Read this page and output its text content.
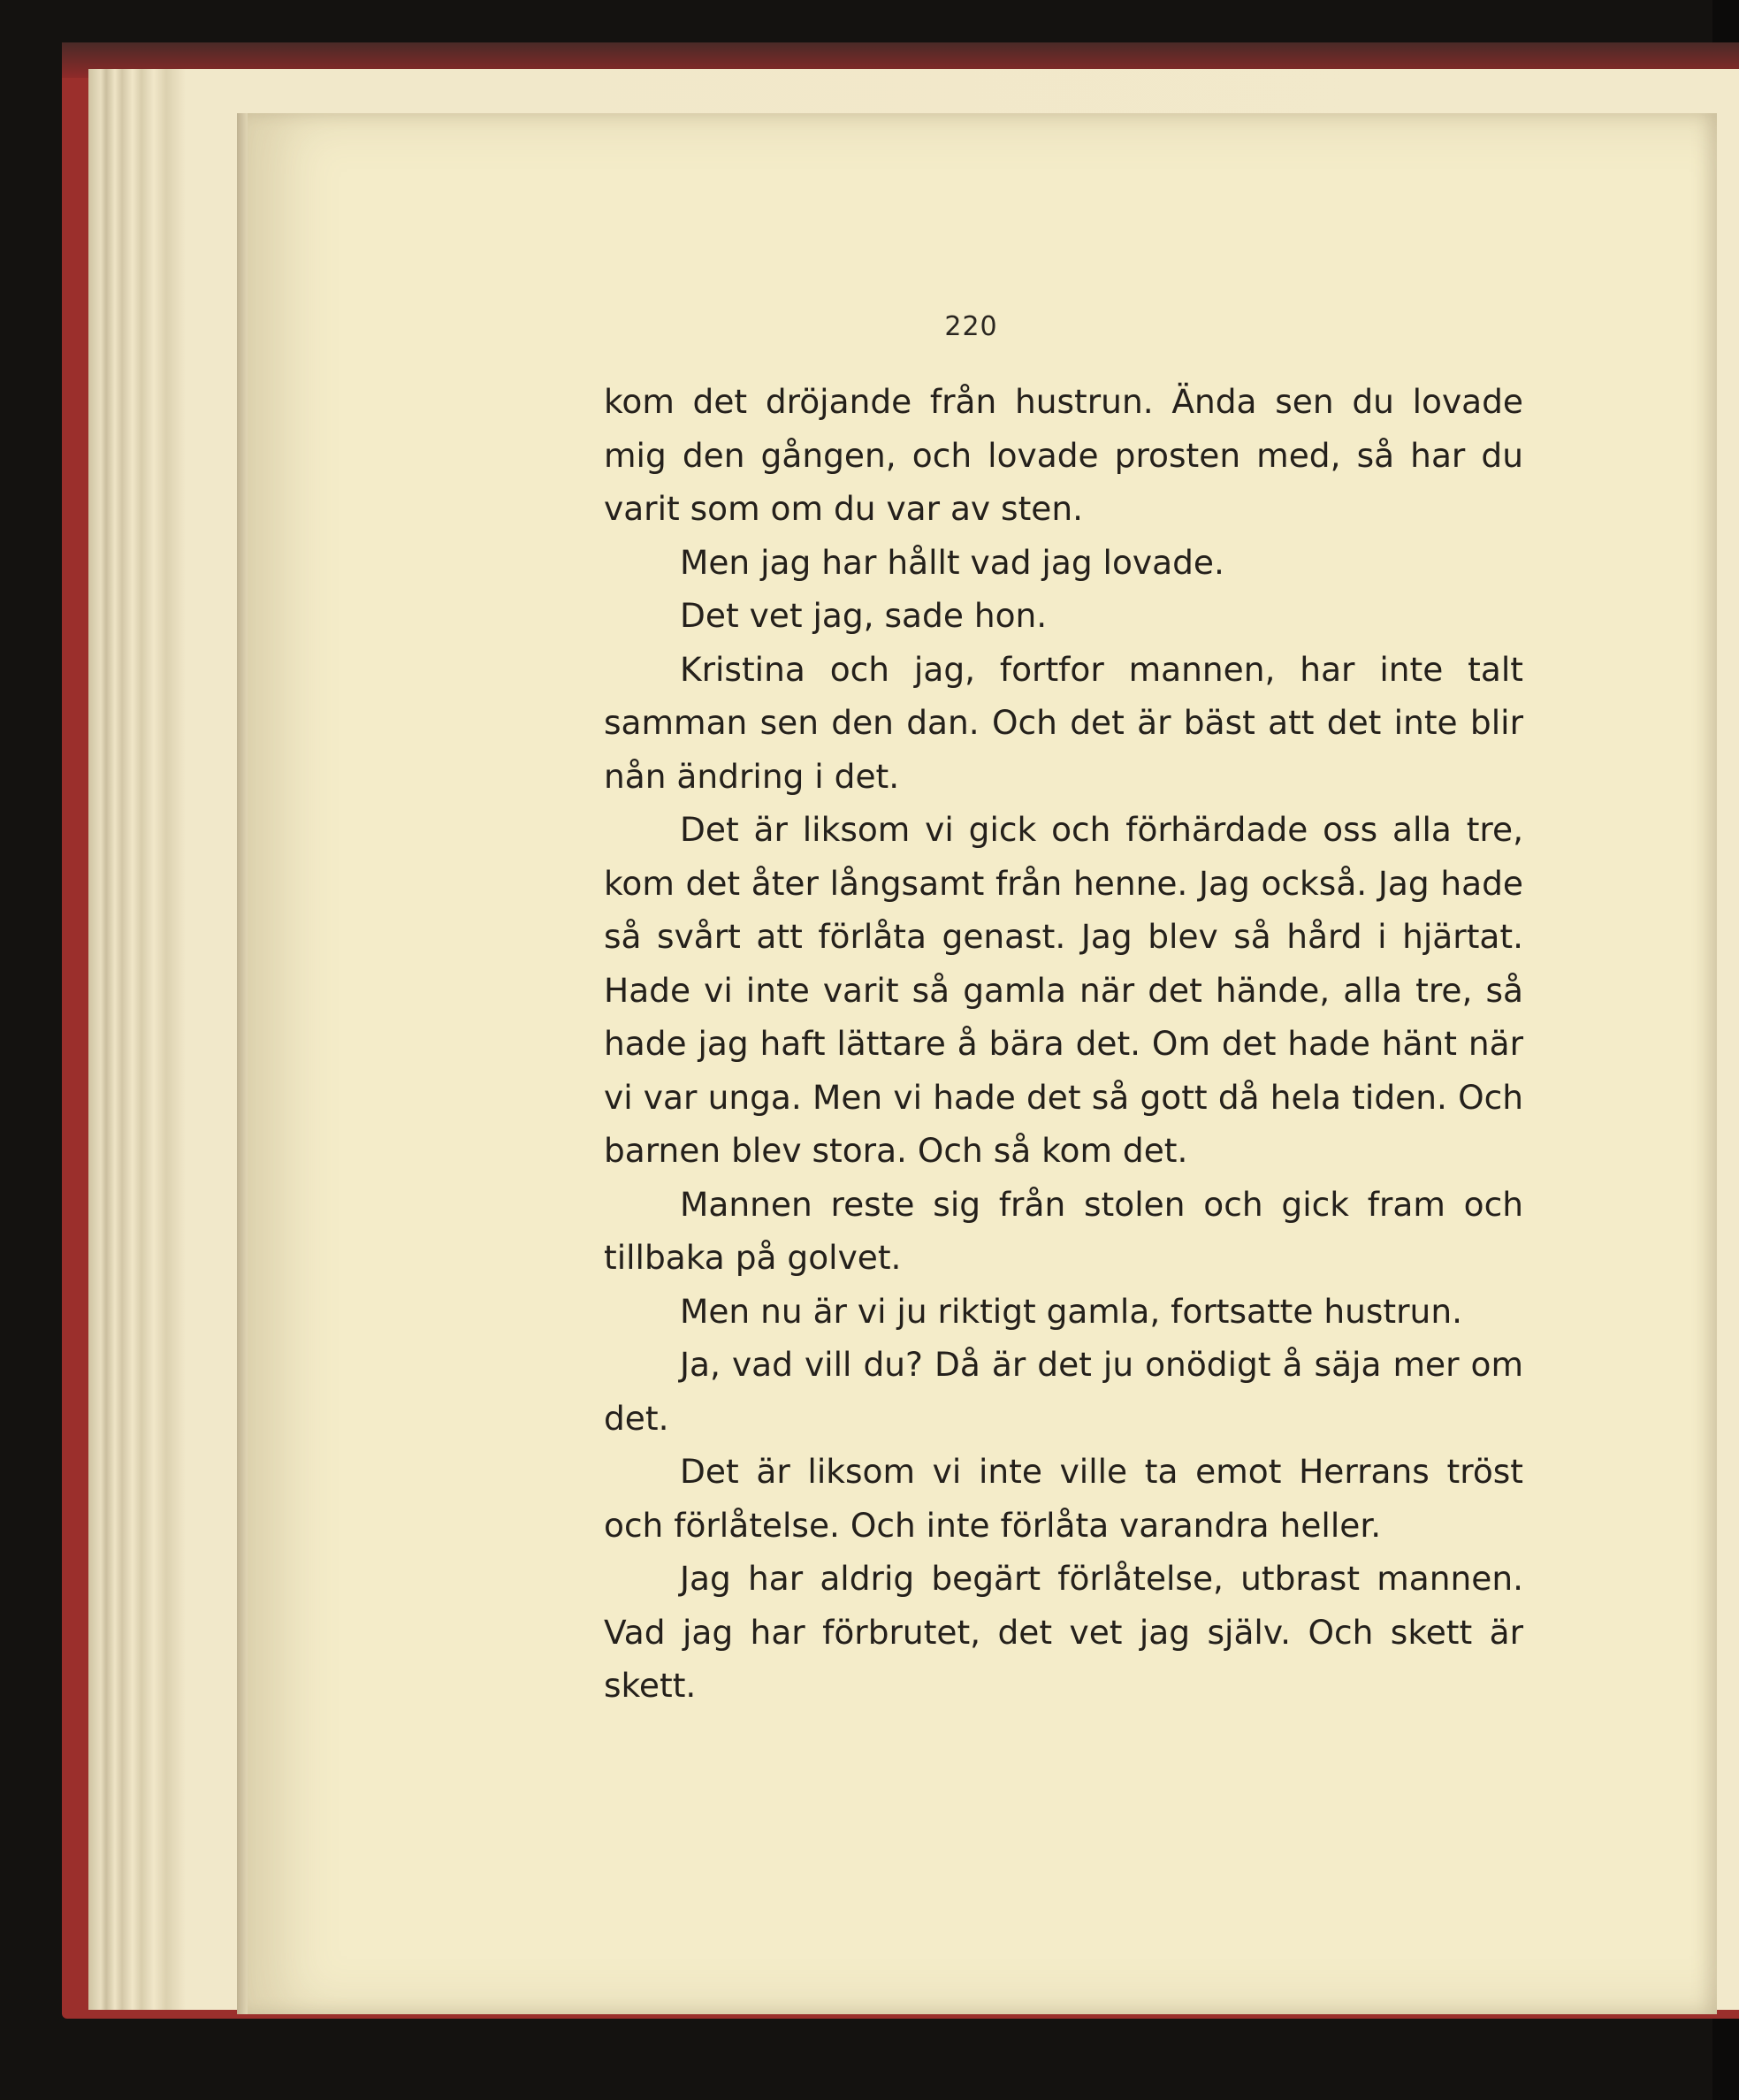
220

kom det dröjande från hustrun. Ända sen du lovade mig den gången, och lovade prosten med, så har du varit som om du var av sten.

Men jag har hållt vad jag lovade.

Det vet jag, sade hon.

Kristina och jag, fortfor mannen, har inte talt samman sen den dan. Och det är bäst att det inte blir nån ändring i det.

Det är liksom vi gick och förhärdade oss alla tre, kom det åter långsamt från henne. Jag också. Jag hade så svårt att förlåta genast. Jag blev så hård i hjärtat. Hade vi inte varit så gamla när det hände, alla tre, så hade jag haft lättare å bära det. Om det hade hänt när vi var unga. Men vi hade det så gott då hela tiden. Och barnen blev stora. Och så kom det.

Mannen reste sig från stolen och gick fram och tillbaka på golvet.

Men nu är vi ju riktigt gamla, fortsatte hustrun.

Ja, vad vill du? Då är det ju onödigt å säja mer om det.

Det är liksom vi inte ville ta emot Herrans tröst och förlåtelse. Och inte förlåta varandra heller.

Jag har aldrig begärt förlåtelse, utbrast mannen. Vad jag har förbrutet, det vet jag själv. Och skett är skett.
